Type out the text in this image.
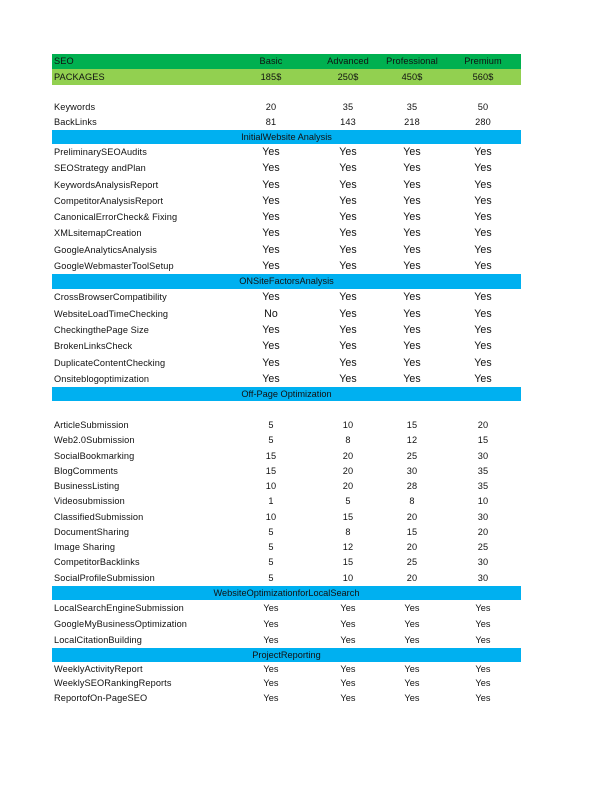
SEO	Basic	Advanced	Professional	Premium
PACKAGES	185$	250$	450$	560$
Keywords	20	35	35	50
BackLinks	81	143	218	280
InitialWebsite Analysis
PreliminarySEOAudits	Yes	Yes	Yes	Yes
SEOStrategy andPlan	Yes	Yes	Yes	Yes
KeywordsAnalysisReport	Yes	Yes	Yes	Yes
CompetitorAnalysisReport	Yes	Yes	Yes	Yes
CanonicalErrorCheck& Fixing	Yes	Yes	Yes	Yes
XMLsitemapCreation	Yes	Yes	Yes	Yes
GoogleAnalyticsAnalysis	Yes	Yes	Yes	Yes
GoogleWebmasterToolSetup	Yes	Yes	Yes	Yes
ONSiteFactorsAnalysis
CrossBrowserCompatibility	Yes	Yes	Yes	Yes
WebsiteLoadTimeChecking	No	Yes	Yes	Yes
CheckingthePage Size	Yes	Yes	Yes	Yes
BrokenLinksCheck	Yes	Yes	Yes	Yes
DuplicateContentChecking	Yes	Yes	Yes	Yes
Onsiteblogoptimization	Yes	Yes	Yes	Yes
Off-Page Optimization
ArticleSubmission	5	10	15	20
Web2.0Submission	5	8	12	15
SocialBookmarking	15	20	25	30
BlogComments	15	20	30	35
BusinessListing	10	20	28	35
Videosubmission	1	5	8	10
ClassifiedSubmission	10	15	20	30
DocumentSharing	5	8	15	20
Image Sharing	5	12	20	25
CompetitorBacklinks	5	15	25	30
SocialProfileSubmission	5	10	20	30
WebsiteOptimizationforLocalSearch
LocalSearchEngineSubmission	Yes	Yes	Yes	Yes
GoogleMyBusinessOptimization	Yes	Yes	Yes	Yes
LocalCitationBuilding	Yes	Yes	Yes	Yes
ProjectReporting
WeeklyActivityReport	Yes	Yes	Yes	Yes
WeeklySEORankingReports	Yes	Yes	Yes	Yes
ReportofOn-PageSEO	Yes	Yes	Yes	Yes
